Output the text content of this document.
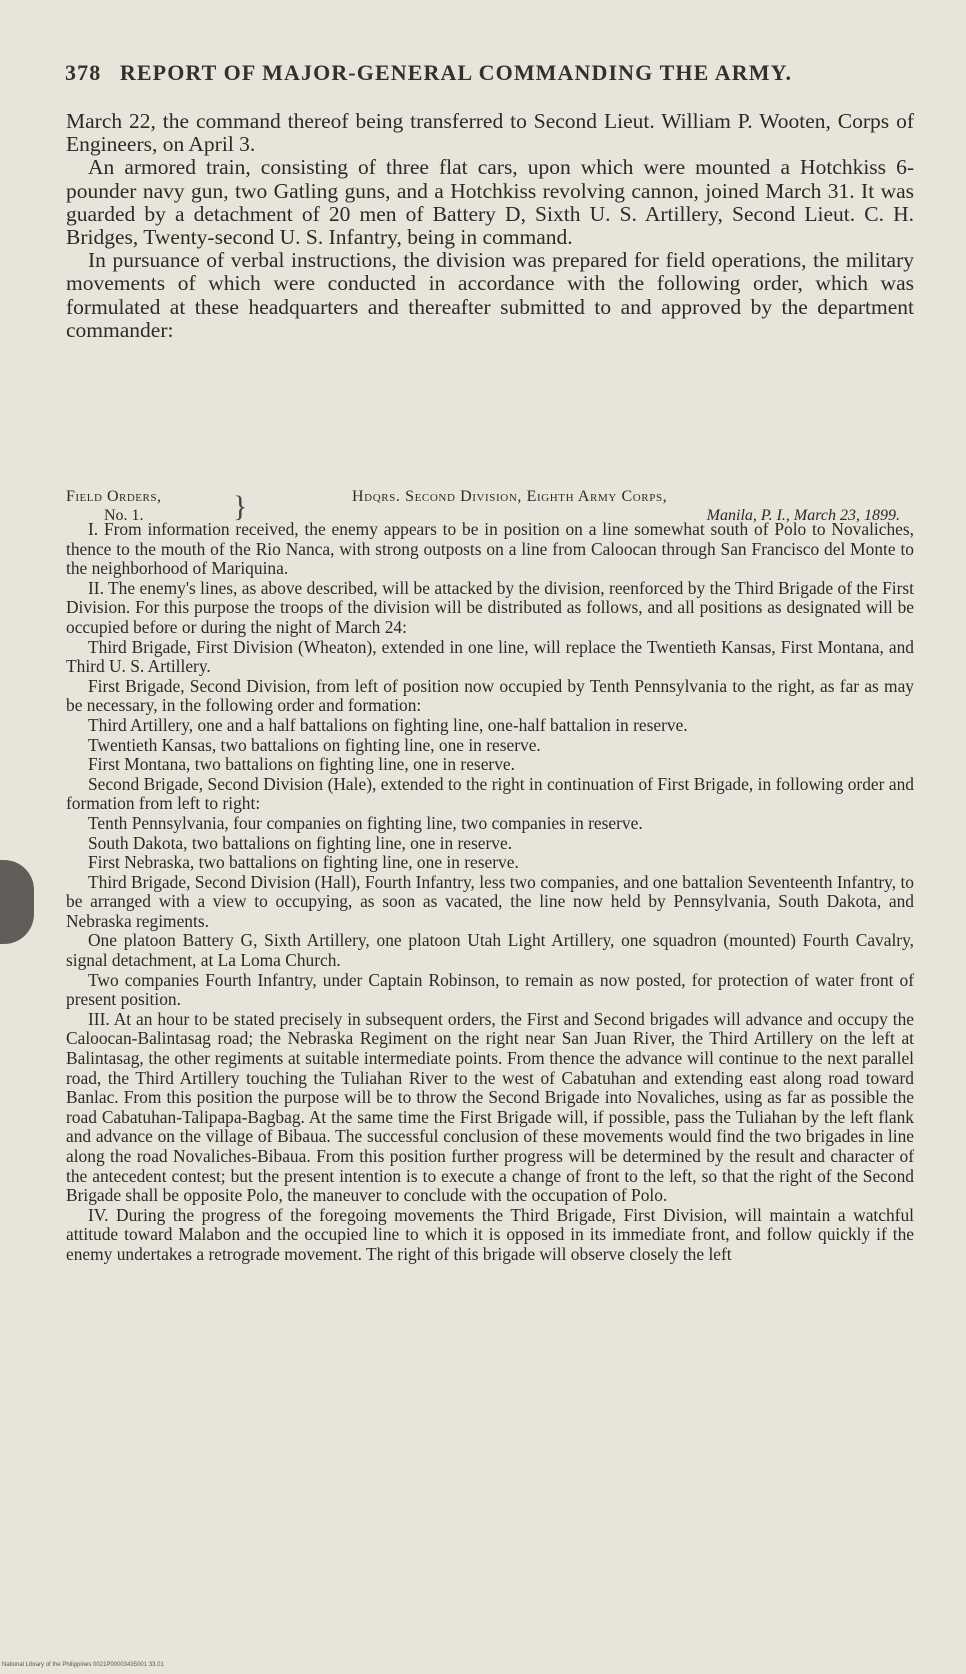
378 REPORT OF MAJOR-GENERAL COMMANDING THE ARMY.

March 22, the command thereof being transferred to Second Lieut. William P. Wooten, Corps of Engineers, on April 3.

An armored train, consisting of three flat cars, upon which were mounted a Hotchkiss 6-pounder navy gun, two Gatling guns, and a Hotchkiss revolving cannon, joined March 31. It was guarded by a detachment of 20 men of Battery D, Sixth U. S. Artillery, Second Lieut. C. H. Bridges, Twenty-second U. S. Infantry, being in command.

In pursuance of verbal instructions, the division was prepared for field operations, the military movements of which were conducted in accordance with the following order, which was formulated at these headquarters and thereafter submitted to and approved by the department commander:

Field Orders,
No. 1.	}	Hdqrs. Second Division, Eighth Army Corps,
Manila, P. I., March 23, 1899.

I. From information received, the enemy appears to be in position on a line somewhat south of Polo to Novaliches, thence to the mouth of the Rio Nanca, with strong outposts on a line from Caloocan through San Francisco del Monte to the neighborhood of Mariquina.

II. The enemy's lines, as above described, will be attacked by the division, reenforced by the Third Brigade of the First Division. For this purpose the troops of the division will be distributed as follows, and all positions as designated will be occupied before or during the night of March 24:

Third Brigade, First Division (Wheaton), extended in one line, will replace the Twentieth Kansas, First Montana, and Third U. S. Artillery.

First Brigade, Second Division, from left of position now occupied by Tenth Pennsylvania to the right, as far as may be necessary, in the following order and formation:

Third Artillery, one and a half battalions on fighting line, one-half battalion in reserve.

Twentieth Kansas, two battalions on fighting line, one in reserve.

First Montana, two battalions on fighting line, one in reserve.

Second Brigade, Second Division (Hale), extended to the right in continuation of First Brigade, in following order and formation from left to right:

Tenth Pennsylvania, four companies on fighting line, two companies in reserve.

South Dakota, two battalions on fighting line, one in reserve.

First Nebraska, two battalions on fighting line, one in reserve.

Third Brigade, Second Division (Hall), Fourth Infantry, less two companies, and one battalion Seventeenth Infantry, to be arranged with a view to occupying, as soon as vacated, the line now held by Pennsylvania, South Dakota, and Nebraska regiments.

One platoon Battery G, Sixth Artillery, one platoon Utah Light Artillery, one squadron (mounted) Fourth Cavalry, signal detachment, at La Loma Church.

Two companies Fourth Infantry, under Captain Robinson, to remain as now posted, for protection of water front of present position.

III. At an hour to be stated precisely in subsequent orders, the First and Second brigades will advance and occupy the Caloocan-Balintasag road; the Nebraska Regiment on the right near San Juan River, the Third Artillery on the left at Balintasag, the other regiments at suitable intermediate points. From thence the advance will continue to the next parallel road, the Third Artillery touching the Tuliahan River to the west of Cabatuhan and extending east along road toward Banlac. From this position the purpose will be to throw the Second Brigade into Novaliches, using as far as possible the road Cabatuhan-Talipapa-Bagbag. At the same time the First Brigade will, if possible, pass the Tuliahan by the left flank and advance on the village of Bibaua. The successful conclusion of these movements would find the two brigades in line along the road Novaliches-Bibaua. From this position further progress will be determined by the result and character of the antecedent contest; but the present intention is to execute a change of front to the left, so that the right of the Second Brigade shall be opposite Polo, the maneuver to conclude with the occupation of Polo.

IV. During the progress of the foregoing movements the Third Brigade, First Division, will maintain a watchful attitude toward Malabon and the occupied line to which it is opposed in its immediate front, and follow quickly if the enemy undertakes a retrograde movement. The right of this brigade will observe closely the left

National Library of the Philippines 0021P00003435001 33.01
